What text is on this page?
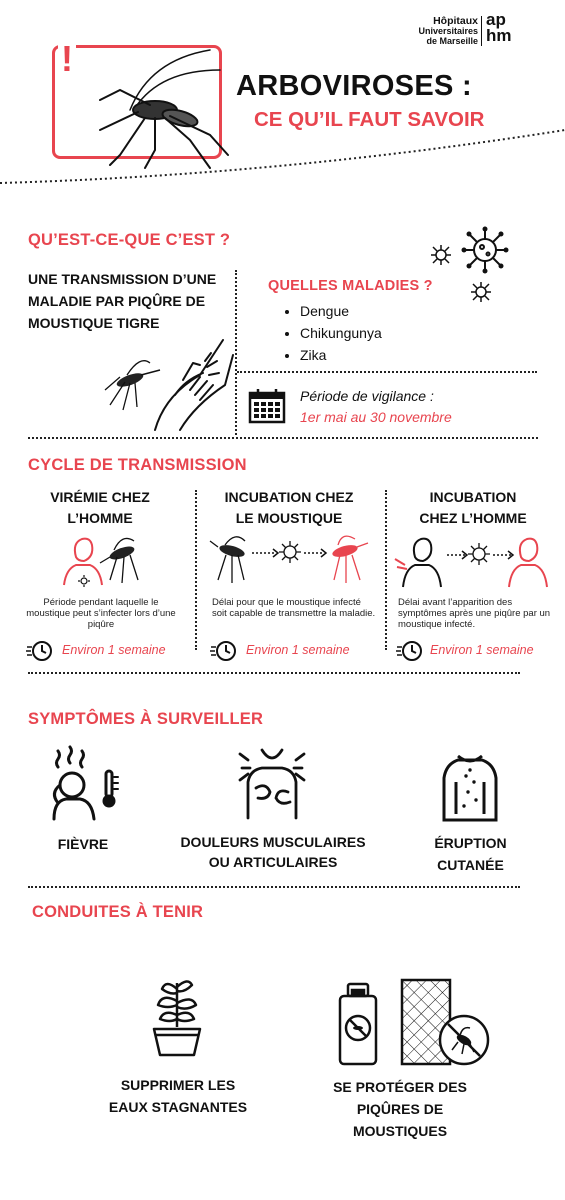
Hôpitaux
Universitaires
de Marseille
ap
hm
!
ARBOVIROSES :
CE QU’IL FAUT SAVOIR
QU’EST-CE-QUE C’EST ?
UNE TRANSMISSION D’UNE MALADIE PAR PIQÛRE DE MOUSTIQUE TIGRE
QUELLES MALADIES ?
• Dengue
• Chikungunya
• Zika
Période de vigilance :
1er mai au 30 novembre
CYCLE DE TRANSMISSION
VIRÉMIE CHEZ
L’HOMME
Période pendant laquelle le moustique peut s’infecter lors d’une piqûre
INCUBATION CHEZ
LE MOUSTIQUE
Délai pour que le moustique infecté soit capable de transmettre la maladie.
INCUBATION
CHEZ L’HOMME
Délai avant l’apparition des symptômes après une piqûre par un moustique infecté.
Environ 1 semaine	Environ 1 semaine	Environ 1 semaine
SYMPTÔMES À SURVEILLER
FIÈVRE	DOULEURS MUSCULAIRES
OU ARTICULAIRES
ÉRUPTION
CUTANÉE
CONDUITES À TENIR
SUPPRIMER LES
EAUX STAGNANTES
SE PROTÉGER DES
PIQÛRES DE
MOUSTIQUES
